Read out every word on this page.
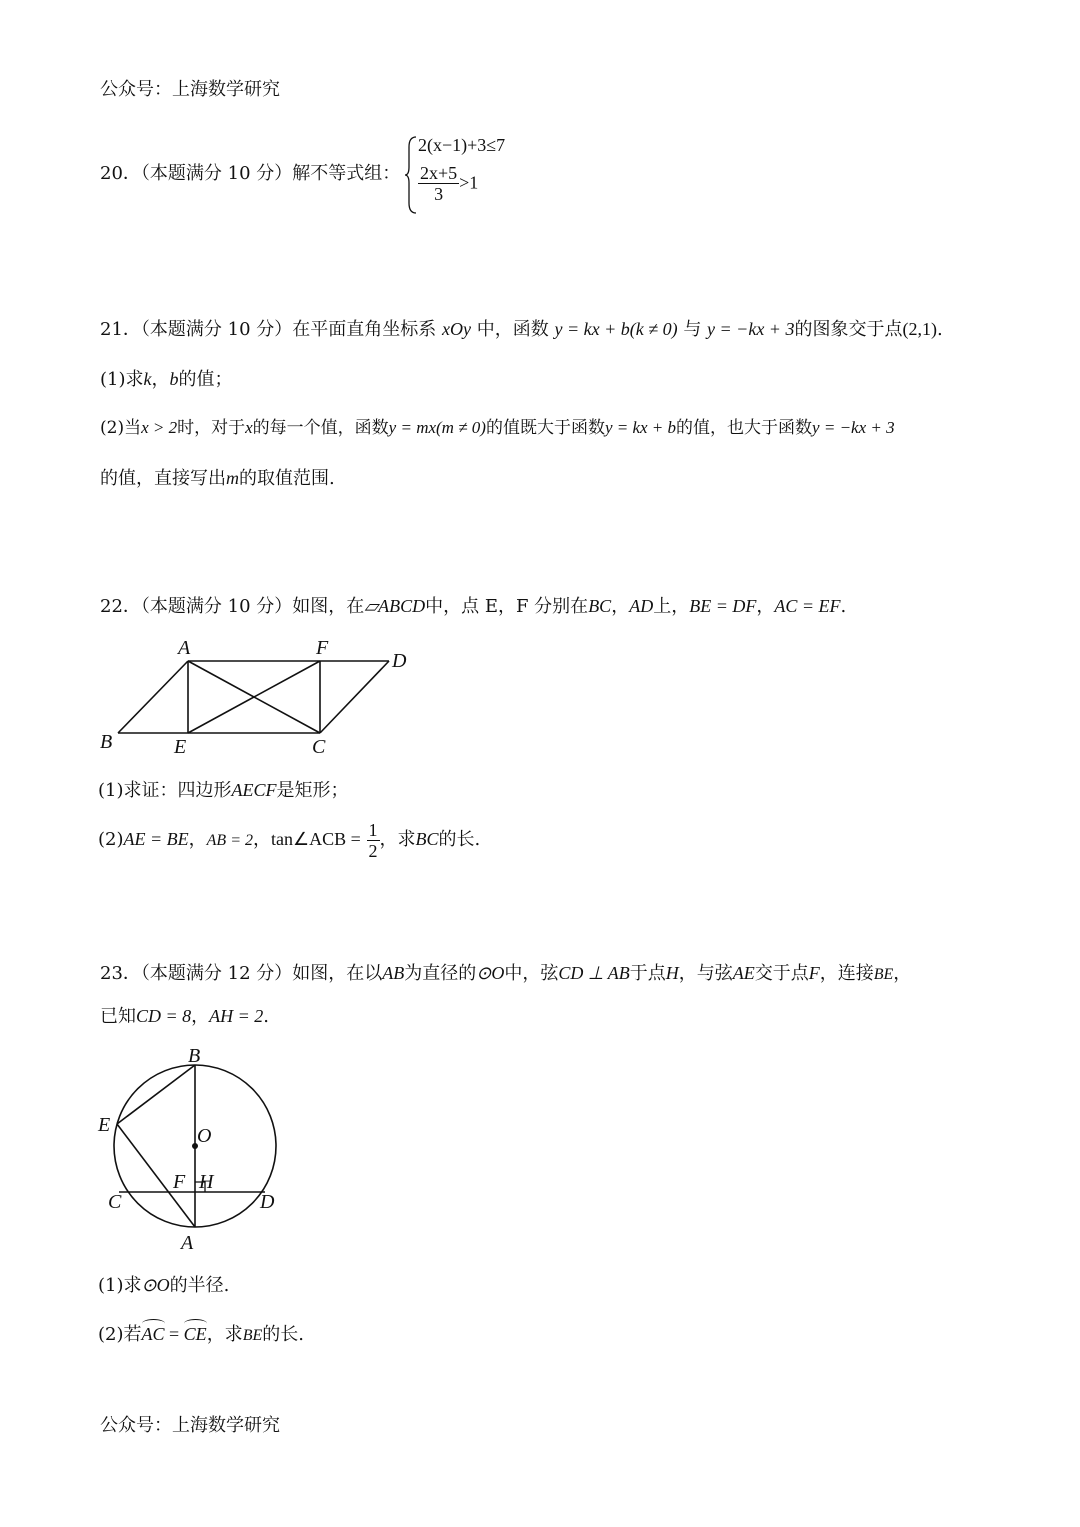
公众号：上海数学研究
20．（本题满分 10 分）解不等式组：
2(x−1)+3≤7
$\frac{2x+5}{3} >1$
21．（本题满分 10 分）在平面直角坐标系 xOy 中，函数 y = kx + b(k ≠ 0) 与 y = −kx + 3的图象交于点(2,1).
(1)求k，b的值；
(2)当x > 2时，对于x的每一个值，函数y = mx(m ≠ 0)的值既大于函数y = kx + b的值，也大于函数y = −kx + 3
的值，直接写出m的取值范围.
22．（本题满分 10 分）如图，在▱ABCD中，点 E，F 分别在BC，AD上，BE = DF，AC = EF.
A	F
D
B	E	C
(1)求证：四边形AECF是矩形；
(2)AE = BE，AB = 2，tan∠ACB = $\frac{1}{2}$ ，求BC的长.
23．（本题满分 12 分）如图，在以AB为直径的⊙O中，弦CD ⊥ AB于点H，与弦AE交于点F，连接BE，
已知CD = 8，AH = 2.
B
E	O
F H
C	D
A
(1)求⊙O的半径.
(2)若AC = CE，求BE的长.
公众号：上海数学研究
